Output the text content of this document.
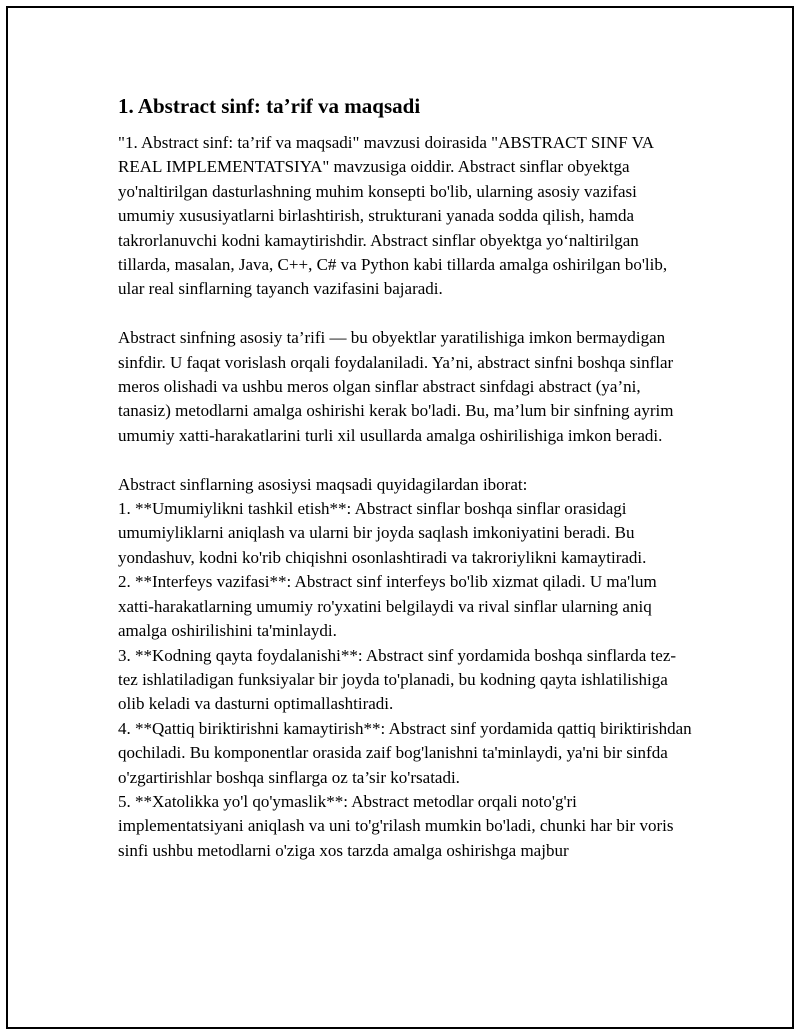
1. Abstract sinf: ta’rif va maqsadi

"1. Abstract sinf: ta’rif va maqsadi" mavzusi doirasida "ABSTRACT SINF VA REAL IMPLEMENTATSIYA" mavzusiga oiddir. Abstract sinflar obyektga yo'naltirilgan dasturlashning muhim konsepti bo'lib, ularning asosiy vazifasi umumiy xususiyatlarni birlashtirish, strukturani yanada sodda qilish, hamda takrorlanuvchi kodni kamaytirishdir. Abstract sinflar obyektga yo‘naltirilgan tillarda, masalan, Java, C++, C# va Python kabi tillarda amalga oshirilgan bo'lib, ular real sinflarning tayanch vazifasini bajaradi.

Abstract sinfning asosiy ta’rifi — bu obyektlar yaratilishiga imkon bermaydigan sinfdir. U faqat vorislash orqali foydalaniladi. Ya’ni, abstract sinfni boshqa sinflar meros olishadi va ushbu meros olgan sinflar abstract sinfdagi abstract (ya’ni, tanasiz) metodlarni amalga oshirishi kerak bo'ladi. Bu, ma’lum bir sinfning ayrim umumiy xatti-harakatlarini turli xil usullarda amalga oshirilishiga imkon beradi.

Abstract sinflarning asosiysi maqsadi quyidagilardan iborat:

1. **Umumiylikni tashkil etish**: Abstract sinflar boshqa sinflar orasidagi umumiyliklarni aniqlash va ularni bir joyda saqlash imkoniyatini beradi. Bu yondashuv, kodni ko'rib chiqishni osonlashtiradi va takroriylikni kamaytiradi.

2. **Interfeys vazifasi**: Abstract sinf interfeys bo'lib xizmat qiladi. U ma'lum xatti-harakatlarning umumiy ro'yxatini belgilaydi va rival sinflar ularning aniq amalga oshirilishini ta'minlaydi.

3. **Kodning qayta foydalanishi**: Abstract sinf yordamida boshqa sinflarda tez-tez ishlatiladigan funksiyalar bir joyda to'planadi, bu kodning qayta ishlatilishiga olib keladi va dasturni optimallashtiradi.

4. **Qattiq biriktirishni kamaytirish**: Abstract sinf yordamida qattiq biriktirishdan qochiladi. Bu komponentlar orasida zaif bog'lanishni ta'minlaydi, ya'ni bir sinfda o'zgartirishlar boshqa sinflarga oz ta’sir ko'rsatadi.

5. **Xatolikka yo'l qo'ymaslik**: Abstract metodlar orqali noto'g'ri implementatsiyani aniqlash va uni to'g'rilash mumkin bo'ladi, chunki har bir voris sinfi ushbu metodlarni o'ziga xos tarzda amalga oshirishga majbur
